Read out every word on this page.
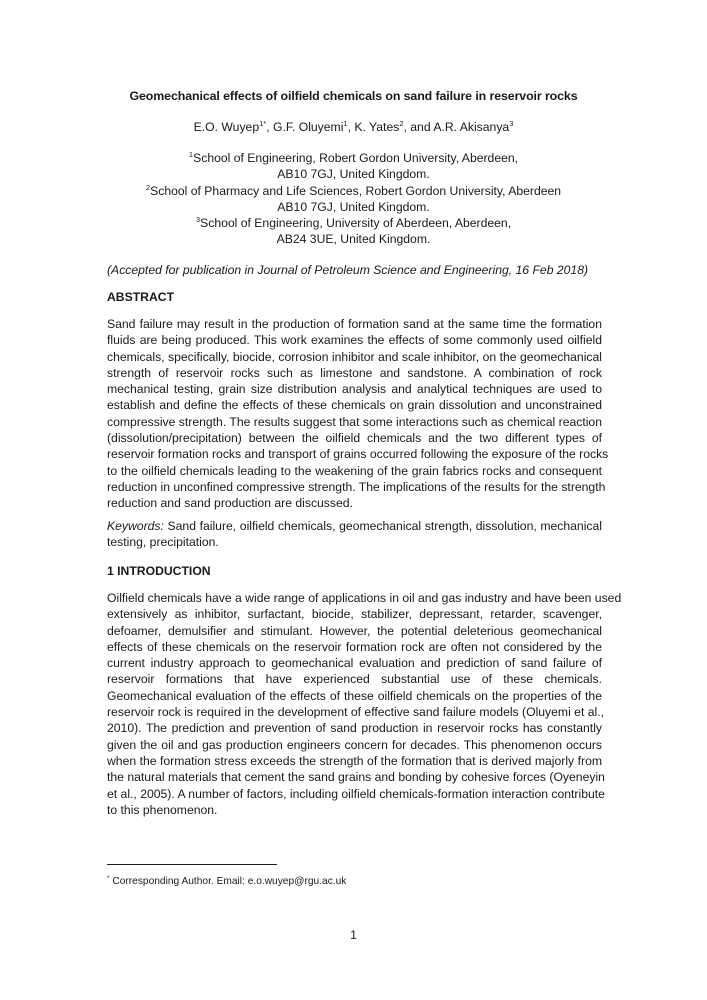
Geomechanical effects of oilfield chemicals on sand failure in reservoir rocks
E.O. Wuyep$^{1*}$, G.F. Oluyemi$^1$, K. Yates$^2$, and A.R. Akisanya$^3$
$^1$School of Engineering, Robert Gordon University, Aberdeen,
AB10 7GJ, United Kingdom.
$^2$School of Pharmacy and Life Sciences, Robert Gordon University, Aberdeen
AB10 7GJ, United Kingdom.
$^3$School of Engineering, University of Aberdeen, Aberdeen,
AB24 3UE, United Kingdom.
(Accepted for publication in Journal of Petroleum Science and Engineering, 16 Feb 2018)
ABSTRACT
Sand failure may result in the production of formation sand at the same time the formation
fluids are being produced. This work examines the effects of some commonly used oilfield
chemicals, specifically, biocide, corrosion inhibitor and scale inhibitor, on the geomechanical
strength of reservoir rocks such as limestone and sandstone. A combination of rock
mechanical testing, grain size distribution analysis and analytical techniques are used to
establish and define the effects of these chemicals on grain dissolution and unconstrained
compressive strength. The results suggest that some interactions such as chemical reaction
(dissolution/precipitation) between the oilfield chemicals and the two different types of
reservoir formation rocks and transport of grains occurred following the exposure of the rocks
to the oilfield chemicals leading to the weakening of the grain fabrics rocks and consequent
reduction in unconfined compressive strength. The implications of the results for the strength
reduction and sand production are discussed.
Keywords: Sand failure, oilfield chemicals, geomechanical strength, dissolution, mechanical
testing, precipitation.
1 INTRODUCTION
Oilfield chemicals have a wide range of applications in oil and gas industry and have been used
extensively as inhibitor, surfactant, biocide, stabilizer, depressant, retarder, scavenger,
defoamer, demulsifier and stimulant. However, the potential deleterious geomechanical
effects of these chemicals on the reservoir formation rock are often not considered by the
current industry approach to geomechanical evaluation and prediction of sand failure of
reservoir formations that have experienced substantial use of these chemicals.
Geomechanical evaluation of the effects of these oilfield chemicals on the properties of the
reservoir rock is required in the development of effective sand failure models (Oluyemi et al.,
2010). The prediction and prevention of sand production in reservoir rocks has constantly
given the oil and gas production engineers concern for decades. This phenomenon occurs
when the formation stress exceeds the strength of the formation that is derived majorly from
the natural materials that cement the sand grains and bonding by cohesive forces (Oyeneyin
et al., 2005). A number of factors, including oilfield chemicals-formation interaction contribute
to this phenomenon.
* Corresponding Author. Email: e.o.wuyep@rgu.ac.uk
1
